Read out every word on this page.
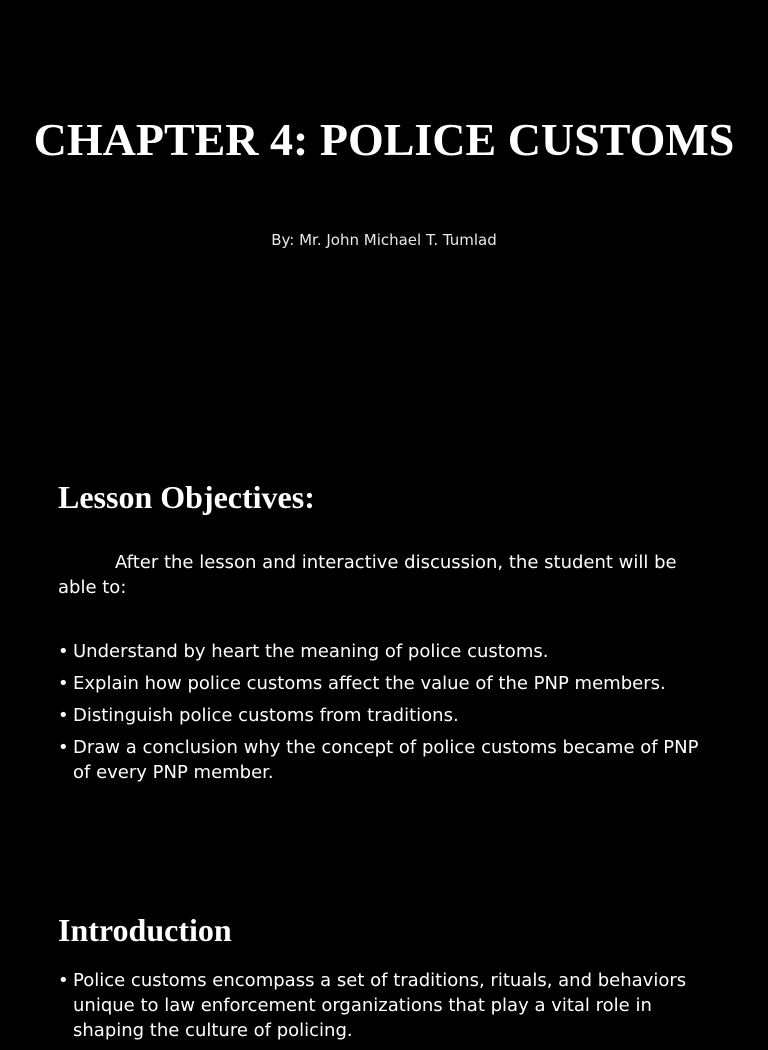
CHAPTER 4: POLICE CUSTOMS
By: Mr. John Michael T. Tumlad
Lesson Objectives:

After the lesson and interactive discussion, the student will be able to:

• Understand by heart the meaning of police customs.
• Explain how police customs affect the value of the PNP members.
• Distinguish police customs from traditions.
• Draw a conclusion why the concept of police customs became of PNP of every PNP member.
Introduction
• Police customs encompass a set of traditions, rituals, and behaviors unique to law enforcement organizations that play a vital role in shaping the culture of policing.
